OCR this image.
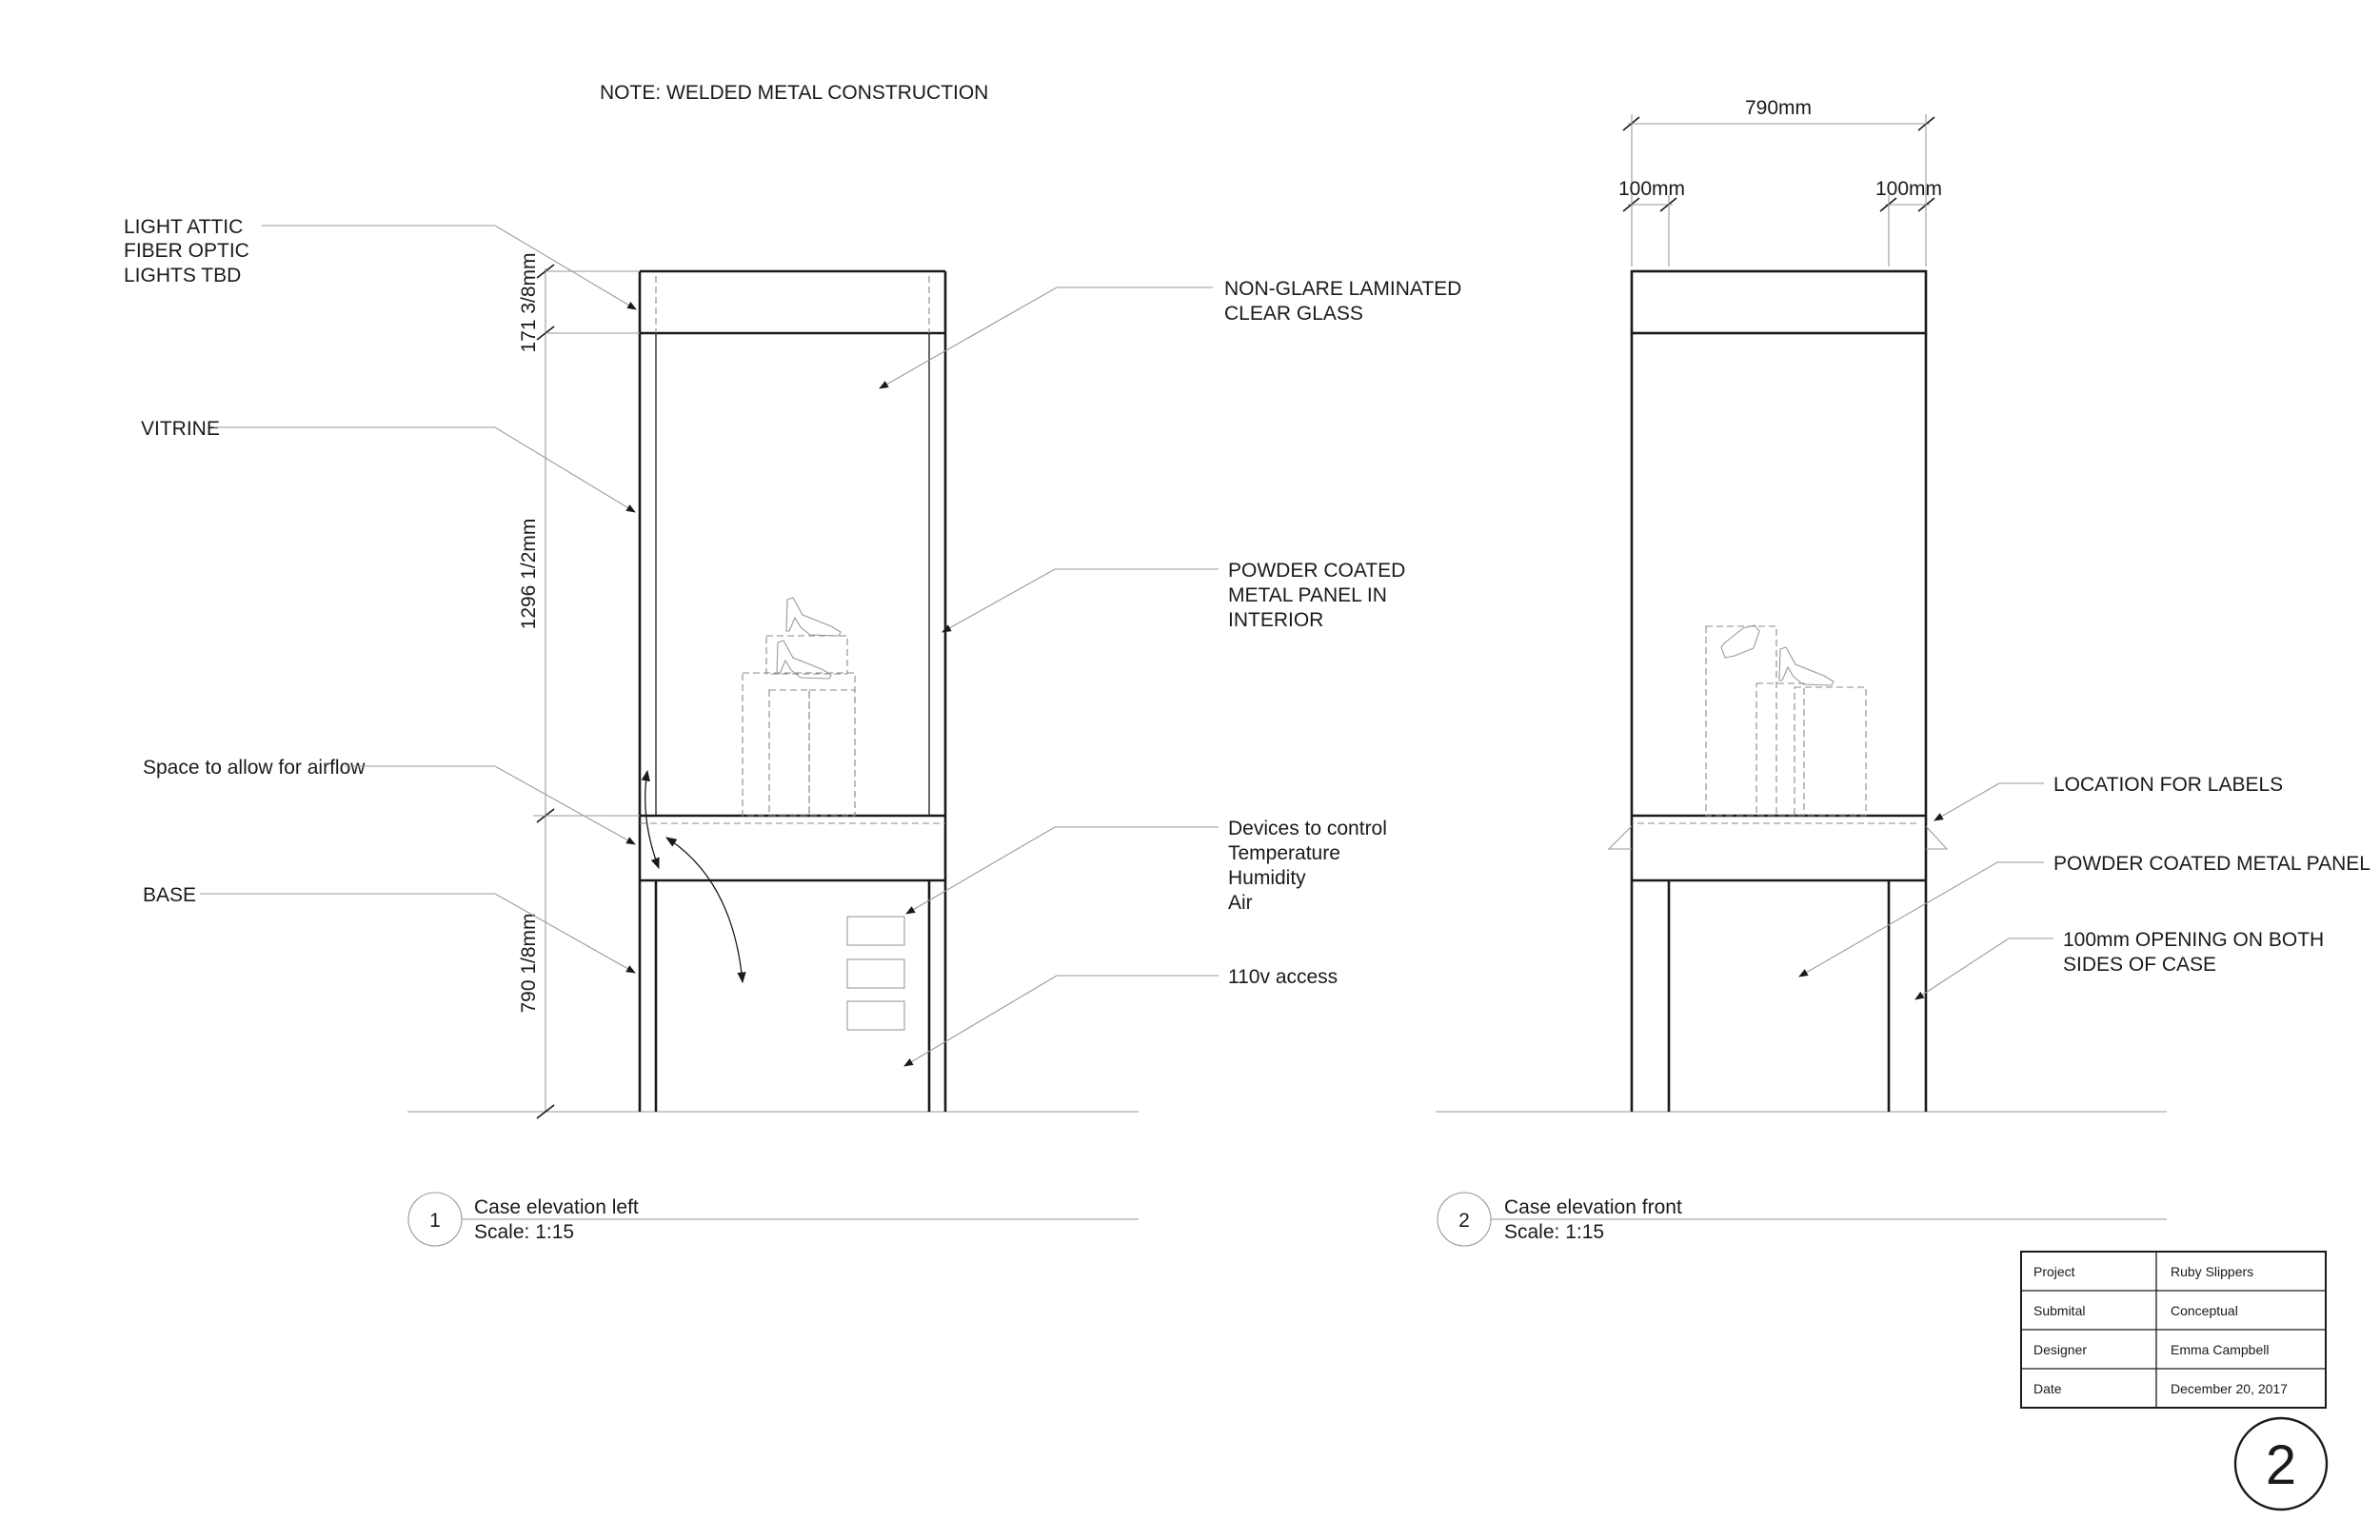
NOTE: WELDED METAL CONSTRUCTION
171 3/8mm
1296 1/2mm
790 1/8mm
LIGHT ATTIC
FIBER OPTIC
LIGHTS TBD
VITRINE
Space to allow for airflow
BASE
NON-GLARE LAMINATED
CLEAR GLASS
POWDER COATED
METAL PANEL IN
INTERIOR
Devices to control
Temperature
Humidity
Air
110v access
790mm
100mm	100mm
LOCATION FOR LABELS
POWDER COATED METAL PANEL
100mm OPENING ON BOTH
SIDES OF CASE
1
Case elevation left
Scale: 1:15
2
Case elevation front
Scale: 1:15
Project	Ruby Slippers
Submital	Conceptual
Designer	Emma Campbell
Date	December 20, 2017
2
